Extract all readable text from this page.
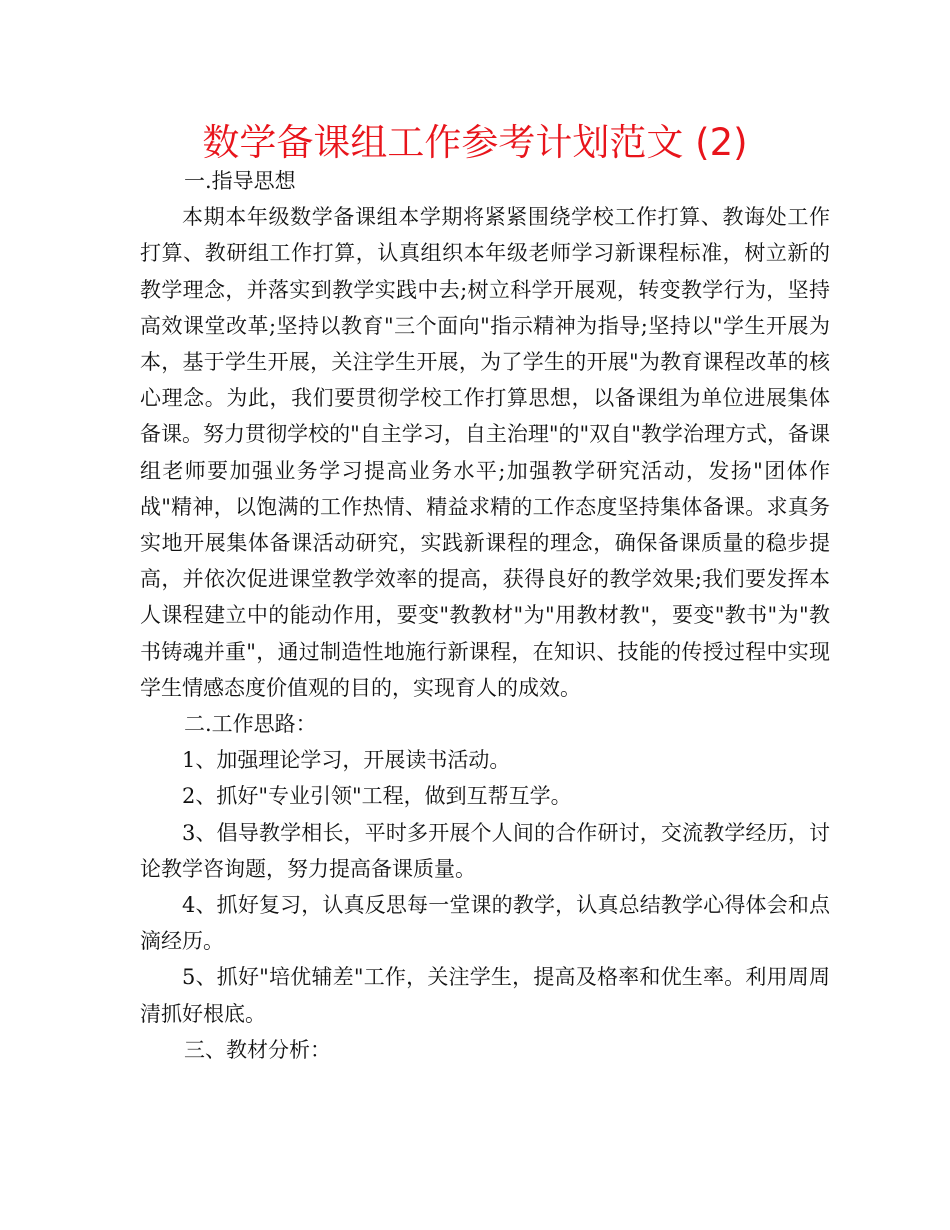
数学备课组工作参考计划范文 (2)

一.指导思想

本期本年级数学备课组本学期将紧紧围绕学校工作打算、教诲处工作打算、教研组工作打算，认真组织本年级老师学习新课程标准，树立新的教学理念，并落实到教学实践中去;树立科学开展观，转变教学行为，坚持高效课堂改革;坚持以教育"三个面向"指示精神为指导;坚持以"学生开展为本，基于学生开展，关注学生开展，为了学生的开展"为教育课程改革的核心理念。为此，我们要贯彻学校工作打算思想，以备课组为单位进展集体备课。努力贯彻学校的"自主学习，自主治理"的"双自"教学治理方式，备课组老师要加强业务学习提高业务水平;加强教学研究活动，发扬"团体作战"精神，以饱满的工作热情、精益求精的工作态度坚持集体备课。求真务实地开展集体备课活动研究，实践新课程的理念，确保备课质量的稳步提高，并依次促进课堂教学效率的提高，获得良好的教学效果;我们要发挥本人课程建立中的能动作用，要变"教教材"为"用教材教"，要变"教书"为"教书铸魂并重"，通过制造性地施行新课程，在知识、技能的传授过程中实现学生情感态度价值观的目的，实现育人的成效。

二.工作思路：

1、加强理论学习，开展读书活动。

2、抓好"专业引领"工程，做到互帮互学。

3、倡导教学相长，平时多开展个人间的合作研讨，交流教学经历，讨论教学咨询题，努力提高备课质量。

4、抓好复习，认真反思每一堂课的教学，认真总结教学心得体会和点滴经历。

5、抓好"培优辅差"工作，关注学生，提高及格率和优生率。利用周周清抓好根底。

三、教材分析：
